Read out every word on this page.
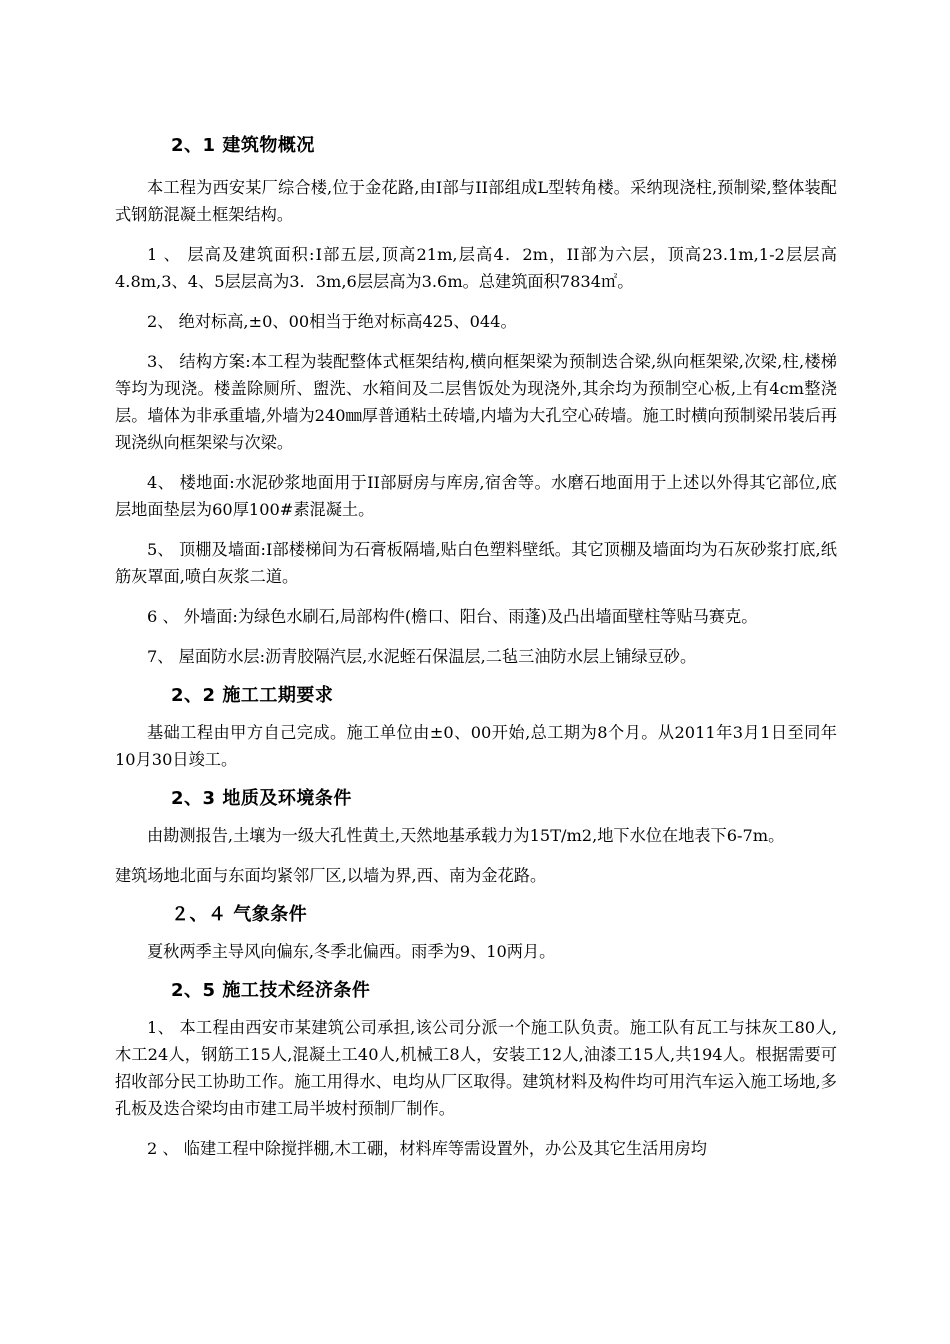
2、1 建筑物概况

本工程为西安某厂综合楼,位于金花路,由Ⅰ部与II部组成L型转角楼。采纳现浇柱,预制梁,整体装配式钢筋混凝土框架结构。

1 、 层高及建筑面积:Ⅰ部五层,顶高21m,层高4．2m，II部为六层，顶高23.1m,1-2层层高4.8m,3、4、5层层高为3．3m,6层层高为3.6m。总建筑面积7834㎡。

2、 绝对标高,±0、00相当于绝对标高425、044。

3、 结构方案:本工程为装配整体式框架结构,横向框架梁为预制迭合梁,纵向框架梁,次梁,柱,楼梯等均为现浇。楼盖除厕所、盥洗、水箱间及二层售饭处为现浇外,其余均为预制空心板,上有4cm整浇层。墙体为非承重墙,外墙为240㎜厚普通粘土砖墙,内墙为大孔空心砖墙。施工时横向预制梁吊装后再现浇纵向框架梁与次梁。

4、 楼地面:水泥砂浆地面用于II部厨房与库房,宿舍等。水磨石地面用于上述以外得其它部位,底层地面垫层为60厚100#素混凝土。

5、 顶棚及墙面:Ⅰ部楼梯间为石膏板隔墙,贴白色塑料壁纸。其它顶棚及墙面均为石灰砂浆打底,纸筋灰罩面,喷白灰浆二道。

6 、 外墙面:为绿色水刷石,局部构件(檐口、阳台、雨蓬)及凸出墙面壁柱等贴马赛克。

7、 屋面防水层:沥青胶隔汽层,水泥蛭石保温层,二毡三油防水层上铺绿豆砂。

2、2 施工工期要求

基础工程由甲方自己完成。施工单位由±0、00开始,总工期为8个月。从2011年3月1日至同年10月30日竣工。

2、3 地质及环境条件

由勘测报告,土壤为一级大孔性黄土,天然地基承载力为15T/m2,地下水位在地表下6-7m。

建筑场地北面与东面均紧邻厂区,以墙为界,西、南为金花路。

２、４ 气象条件

夏秋两季主导风向偏东,冬季北偏西。雨季为9、10两月。

2、5 施工技术经济条件

1、 本工程由西安市某建筑公司承担,该公司分派一个施工队负责。施工队有瓦工与抹灰工80人,木工24人，钢筋工15人,混凝土工40人,机械工8人，安装工12人,油漆工15人,共194人。根据需要可招收部分民工协助工作。施工用得水、电均从厂区取得。建筑材料及构件均可用汽车运入施工场地,多孔板及迭合梁均由市建工局半坡村预制厂制作。

2 、 临建工程中除搅拌棚,木工硼，材料库等需设置外，办公及其它生活用房均
